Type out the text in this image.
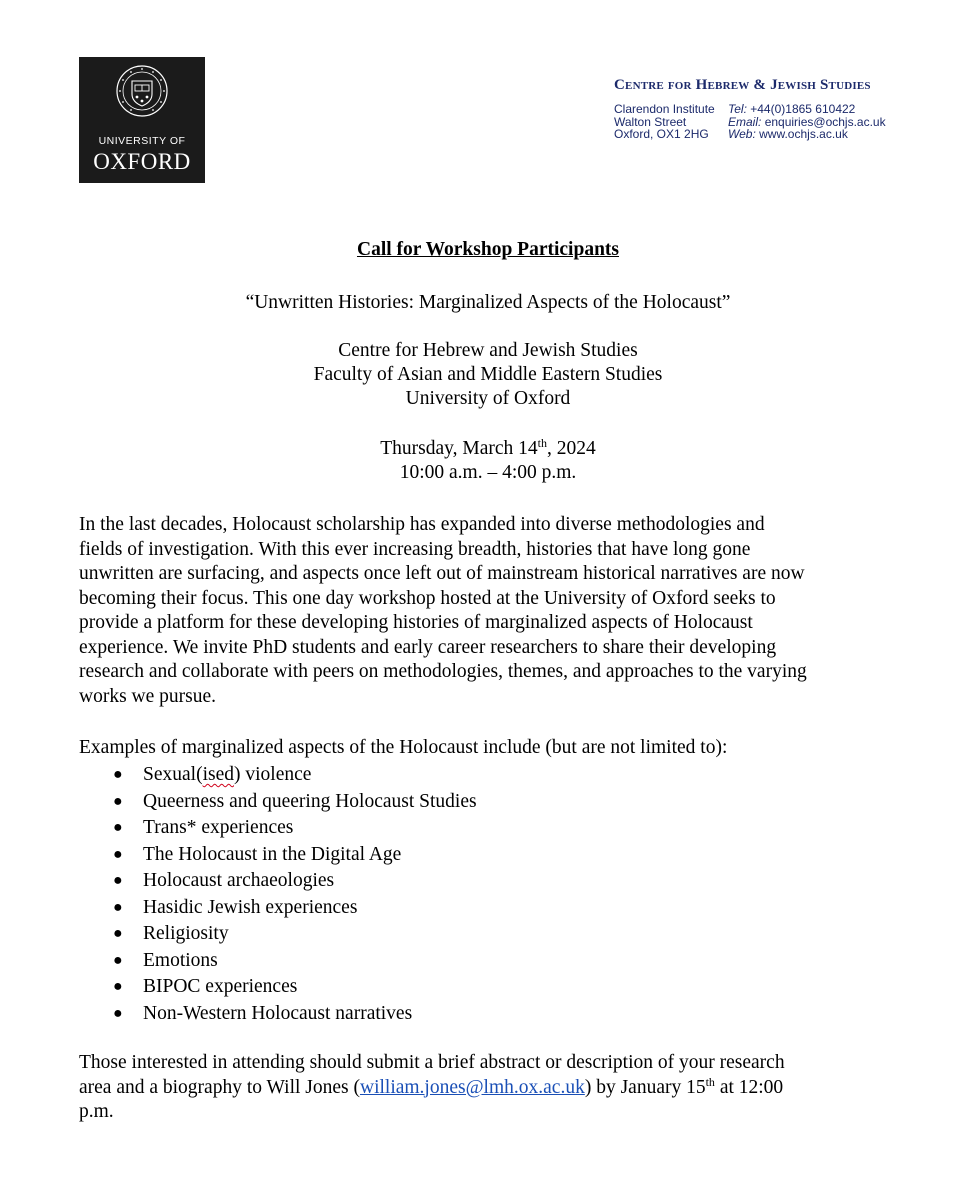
UNIVERSITY OF
OXFORD
Centre for Hebrew & Jewish Studies
Clarendon Institute
Walton Street
Oxford, OX1 2HG
Tel: +44(0)1865 610422
Email: enquiries@ochjs.ac.uk
Web: www.ochjs.ac.uk
Call for Workshop Participants
“Unwritten Histories: Marginalized Aspects of the Holocaust”
Centre for Hebrew and Jewish Studies
Faculty of Asian and Middle Eastern Studies
University of Oxford
Thursday, March 14th, 2024
10:00 a.m. – 4:00 p.m.
In the last decades, Holocaust scholarship has expanded into diverse methodologies and
fields of investigation. With this ever increasing breadth, histories that have long gone
unwritten are surfacing, and aspects once left out of mainstream historical narratives are now
becoming their focus. This one day workshop hosted at the University of Oxford seeks to
provide a platform for these developing histories of marginalized aspects of Holocaust
experience. We invite PhD students and early career researchers to share their developing
research and collaborate with peers on methodologies, themes, and approaches to the varying
works we pursue.
Examples of marginalized aspects of the Holocaust include (but are not limited to):
● Sexual(ised) violence
● Queerness and queering Holocaust Studies
● Trans* experiences
● The Holocaust in the Digital Age
● Holocaust archaeologies
● Hasidic Jewish experiences
● Religiosity
● Emotions
● BIPOC experiences
● Non-Western Holocaust narratives
Those interested in attending should submit a brief abstract or description of your research
area and a biography to Will Jones (william.jones@lmh.ox.ac.uk) by January 15th at 12:00
p.m.
